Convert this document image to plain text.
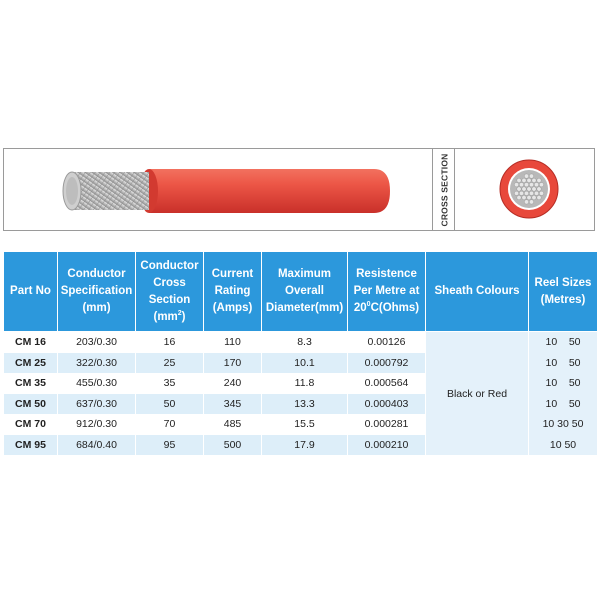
CROSS SECTION
Part No	Conductor
Specification
(mm)	Conductor
Cross
Section
$(mm^2)$	Current
Rating
(Amps)	Maximum
Overall
Diameter(mm)	Resistence
Per Metre at
$20^0C(Ohms)$	Sheath Colours	Reel Sizes
(Metres)
CM 16	203/0.30	16	110	8.3	0.00126	Black or Red	10    50
CM 25	322/0.30	25	170	10.1	0.000792		10    50
CM 35	455/0.30	35	240	11.8	0.000564		10    50
CM 50	637/0.30	50	345	13.3	0.000403		10    50
CM 70	912/0.30	70	485	15.5	0.000281		10 30 50
CM 95	684/0.40	95	500	17.9	0.000210		10 50
